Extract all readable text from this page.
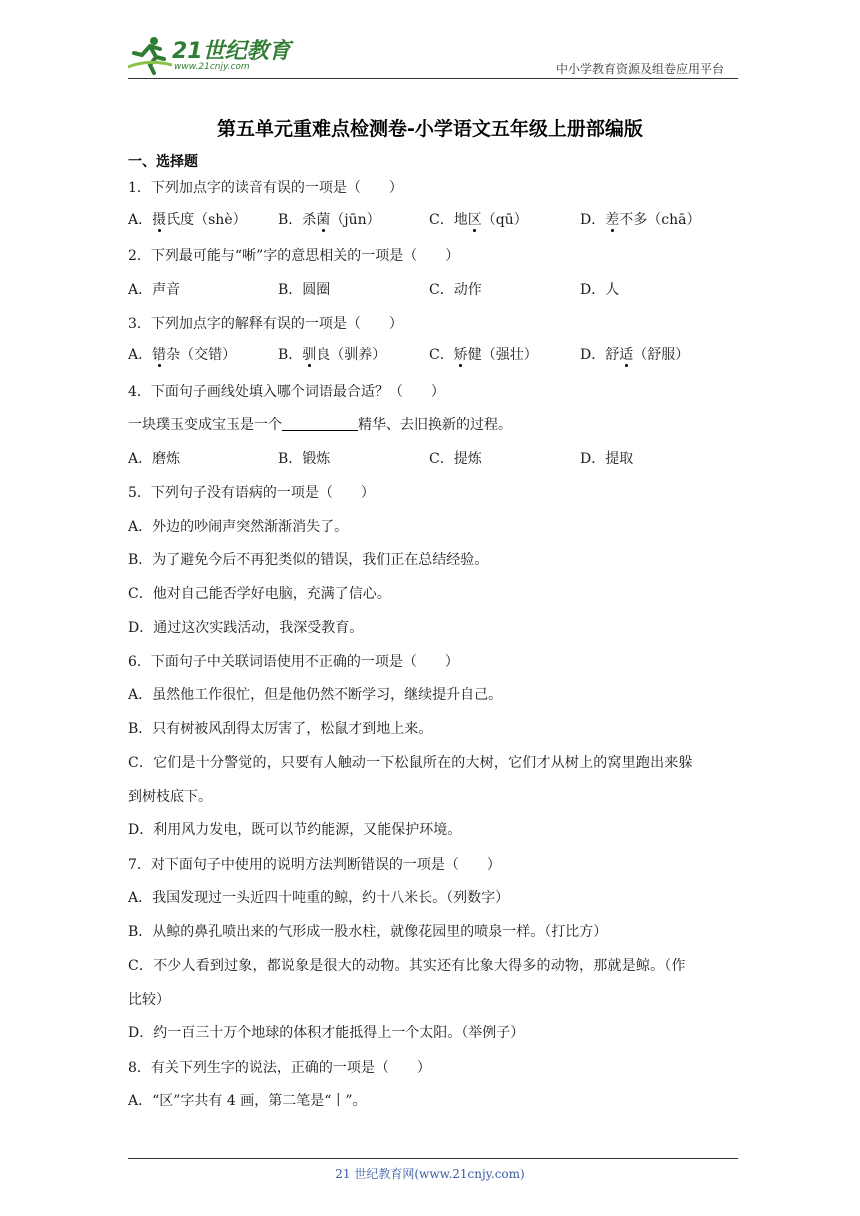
21世纪教育
www.21cnjy.com	中小学教育资源及组卷应用平台
第五单元重难点检测卷-小学语文五年级上册部编版
一、选择题
1．下列加点字的读音有误的一项是（　　）
A．摄氏度（shè） B．杀菌（jūn）	C．地区（qū）	D．差不多（chā）
2．下列最可能与“唽”字的意思相关的一项是（　　）
A．声音	B．圆圈	C．动作	D．人
3．下列加点字的解释有误的一项是（　　）
A．错杂（交错）	B．驯良（驯养）	C．矫健（强壮）	D．舒适（舒服）
4．下面句子画线处填入哪个词语最合适？（　　）
一块璞玉变成宝玉是一个	精华、去旧换新的过程。
A．磨炼	B．锻炼	C．提炼	D．提取
5．下列句子没有语病的一项是（　　）
A．外边的吵闹声突然渐渐消失了。
B．为了避免今后不再犯类似的错误，我们正在总结经验。
C．他对自己能否学好电脑，充满了信心。
D．通过这次实践活动，我深受教育。
6．下面句子中关联词语使用不正确的一项是（　　）
A．虽然他工作很忙，但是他仍然不断学习，继续提升自己。
B．只有树被风刮得太厉害了，松鼠才到地上来。
C．它们是十分警觉的，只要有人触动一下松鼠所在的大树，它们才从树上的窝里跑出来躲
到树枝底下。
D．利用风力发电，既可以节约能源，又能保护环境。
7．对下面句子中使用的说明方法判断错误的一项是（　　）
A．我国发现过一头近四十吨重的鲸，约十八米长。（列数字）
B．从鲸的鼻孔喷出来的气形成一股水柱，就像花园里的喷泉一样。（打比方）
C．不少人看到过象，都说象是很大的动物。其实还有比象大得多的动物，那就是鲸。（作
比较）
D．约一百三十万个地球的体积才能抵得上一个太阳。（举例子）
8．有关下列生字的说法，正确的一项是（　　）
A．“区”字共有 4 画，第二笔是“丨”。
21 世纪教育网(www.21cnjy.com)
